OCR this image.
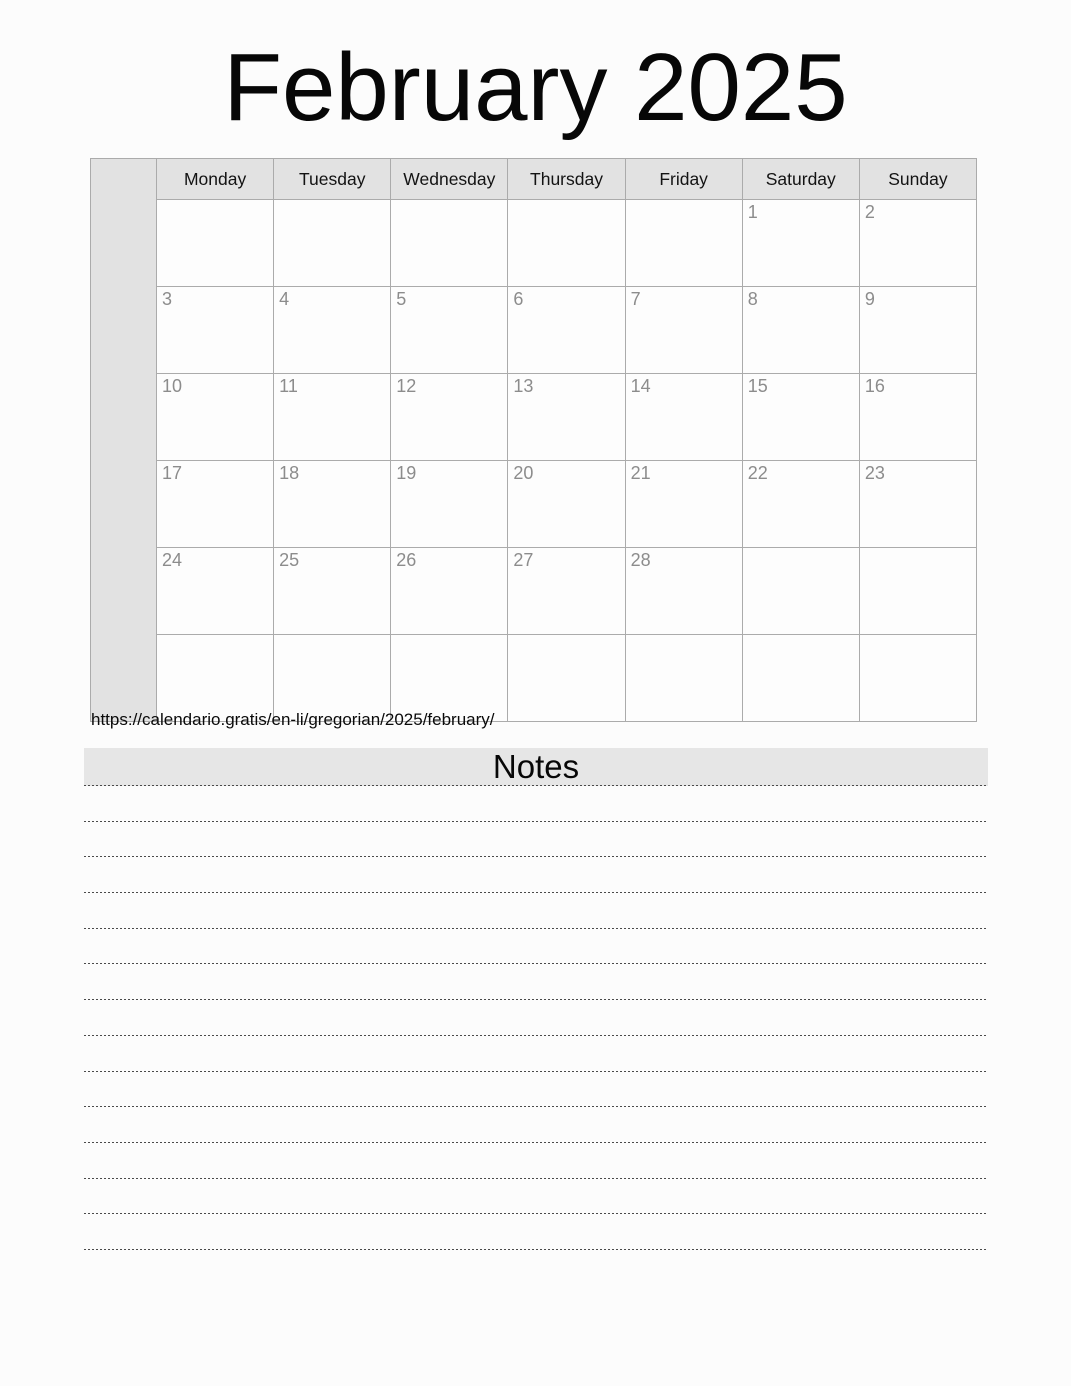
February 2025
	Monday	Tuesday	Wednesday	Thursday	Friday	Saturday	Sunday
						1	2
	3	4	5	6	7	8	9
	10	11	12	13	14	15	16
	17	18	19	20	21	22	23
	24	25	26	27	28		

https://calendario.gratis/en-li/gregorian/2025/february/
Notes
